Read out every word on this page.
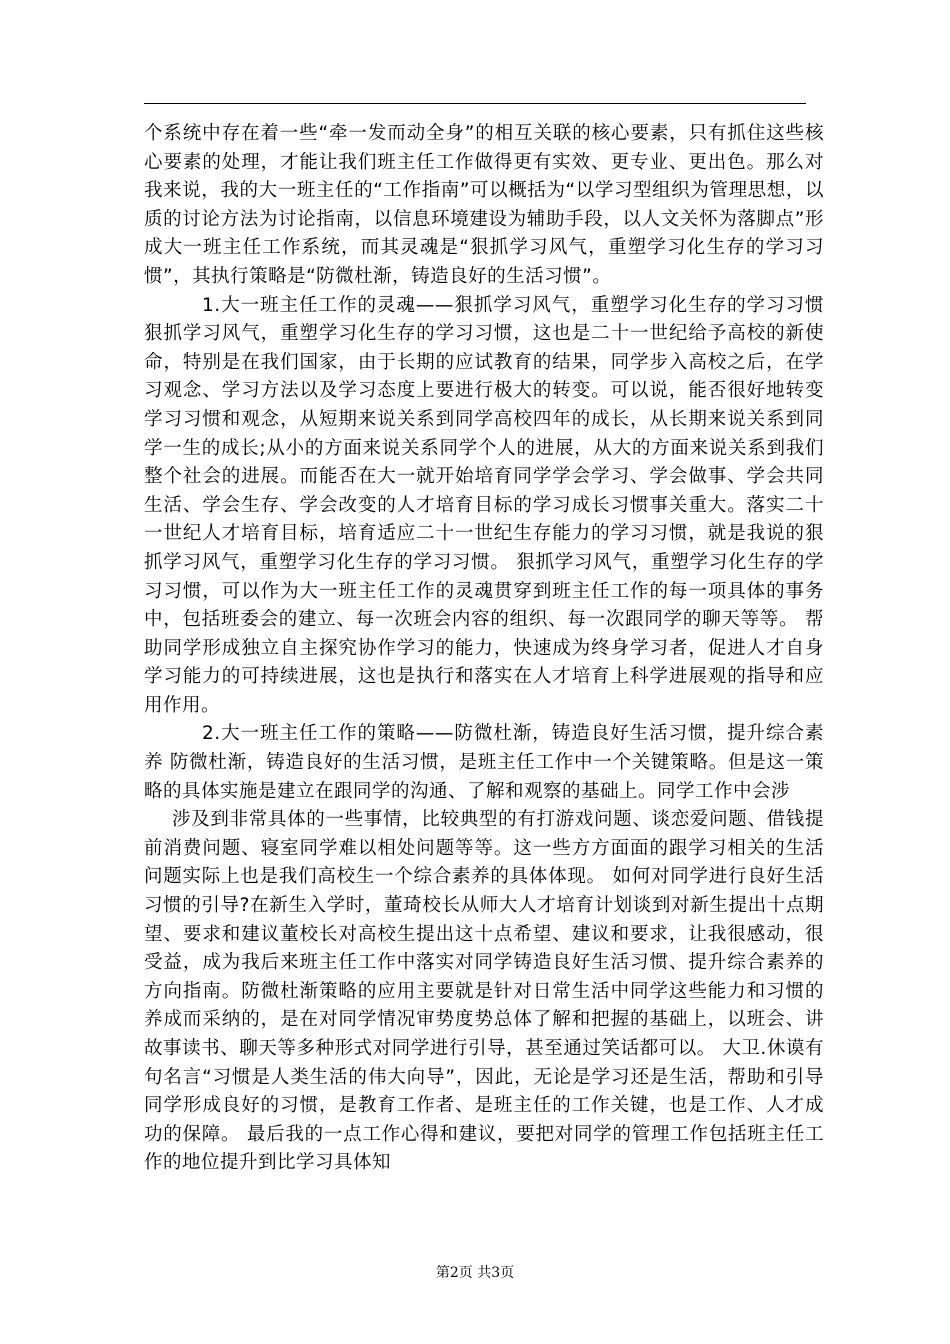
个系统中存在着一些“牵一发而动全身”的相互关联的核心要素，只有抓住这些核心要素的处理，才能让我们班主任工作做得更有实效、更专业、更出色。那么对我来说，我的大一班主任的“工作指南”可以概括为“以学习型组织为管理思想，以质的讨论方法为讨论指南，以信息环境建设为辅助手段，以人文关怀为落脚点”形成大一班主任工作系统，而其灵魂是“狠抓学习风气，重塑学习化生存的学习习惯”，其执行策略是“防微杜渐，铸造良好的生活习惯”。

1.大一班主任工作的灵魂——狠抓学习风气，重塑学习化生存的学习习惯 狠抓学习风气，重塑学习化生存的学习习惯，这也是二十一世纪给予高校的新使命，特别是在我们国家，由于长期的应试教育的结果，同学步入高校之后，在学习观念、学习方法以及学习态度上要进行极大的转变。可以说，能否很好地转变学习习惯和观念，从短期来说关系到同学高校四年的成长，从长期来说关系到同学一生的成长;从小的方面来说关系同学个人的进展，从大的方面来说关系到我们整个社会的进展。而能否在大一就开始培育同学学会学习、学会做事、学会共同生活、学会生存、学会改变的人才培育目标的学习成长习惯事关重大。落实二十一世纪人才培育目标，培育适应二十一世纪生存能力的学习习惯，就是我说的狠抓学习风气，重塑学习化生存的学习习惯。 狠抓学习风气，重塑学习化生存的学习习惯，可以作为大一班主任工作的灵魂贯穿到班主任工作的每一项具体的事务中，包括班委会的建立、每一次班会内容的组织、每一次跟同学的聊天等等。 帮助同学形成独立自主探究协作学习的能力，快速成为终身学习者，促进人才自身学习能力的可持续进展，这也是执行和落实在人才培育上科学进展观的指导和应用作用。

2.大一班主任工作的策略——防微杜渐，铸造良好生活习惯，提升综合素养 防微杜渐，铸造良好的生活习惯，是班主任工作中一个关键策略。但是这一策略的具体实施是建立在跟同学的沟通、了解和观察的基础上。同学工作中会涉

涉及到非常具体的一些事情，比较典型的有打游戏问题、谈恋爱问题、借钱提前消费问题、寝室同学难以相处问题等等。这一些方方面面的跟学习相关的生活问题实际上也是我们高校生一个综合素养的具体体现。 如何对同学进行良好生活习惯的引导?在新生入学时，董琦校长从师大人才培育计划谈到对新生提出十点期望、要求和建议董校长对高校生提出这十点希望、建议和要求，让我很感动，很受益，成为我后来班主任工作中落实对同学铸造良好生活习惯、提升综合素养的方向指南。防微杜渐策略的应用主要就是针对日常生活中同学这些能力和习惯的养成而采纳的，是在对同学情况审势度势总体了解和把握的基础上，以班会、讲故事读书、聊天等多种形式对同学进行引导，甚至通过笑话都可以。 大卫.休谟有句名言“习惯是人类生活的伟大向导”，因此，无论是学习还是生活，帮助和引导同学形成良好的习惯，是教育工作者、是班主任的工作关键，也是工作、人才成功的保障。 最后我的一点工作心得和建议，要把对同学的管理工作包括班主任工作的地位提升到比学习具体知

第2页 共3页
